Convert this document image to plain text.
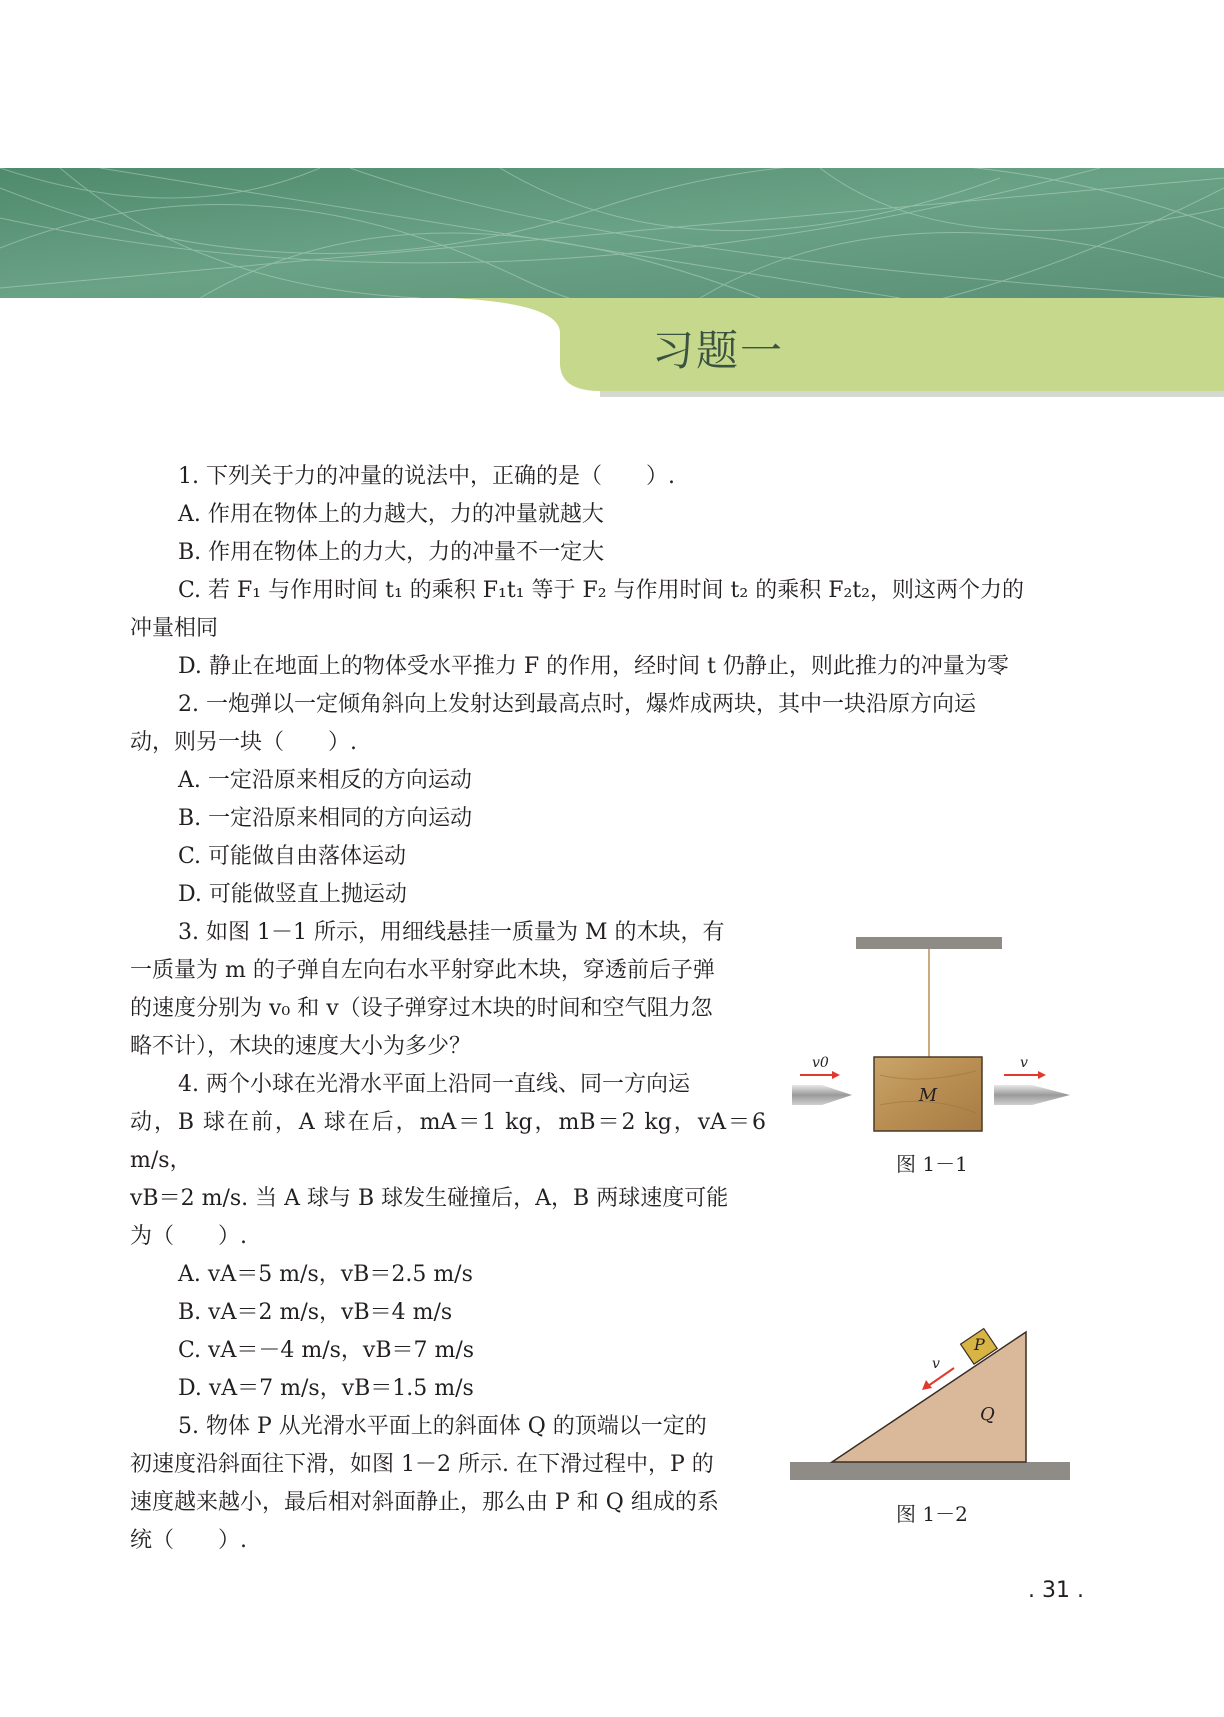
习题一

1. 下列关于力的冲量的说法中，正确的是（　　）.

A. 作用在物体上的力越大，力的冲量就越大

B. 作用在物体上的力大，力的冲量不一定大

C. 若 F₁ 与作用时间 t₁ 的乘积 F₁t₁ 等于 F₂ 与作用时间 t₂ 的乘积 F₂t₂，则这两个力的

冲量相同

D. 静止在地面上的物体受水平推力 F 的作用，经时间 t 仍静止，则此推力的冲量为零

2. 一炮弹以一定倾角斜向上发射达到最高点时，爆炸成两块，其中一块沿原方向运

动，则另一块（　　）.

A. 一定沿原来相反的方向运动

B. 一定沿原来相同的方向运动

C. 可能做自由落体运动

D. 可能做竖直上抛运动

3. 如图 1－1 所示，用细线悬挂一质量为 M 的木块，有

一质量为 m 的子弹自左向右水平射穿此木块，穿透前后子弹

的速度分别为 v₀ 和 v（设子弹穿过木块的时间和空气阻力忽

略不计），木块的速度大小为多少？

4. 两个小球在光滑水平面上沿同一直线、同一方向运

动，B 球在前，A 球在后，mA＝1 kg，mB＝2 kg，vA＝6 m/s，

vB＝2 m/s. 当 A 球与 B 球发生碰撞后，A，B 两球速度可能

为（　　）.

A. vA＝5 m/s，vB＝2.5 m/s

B. vA＝2 m/s，vB＝4 m/s

C. vA＝－4 m/s，vB＝7 m/s

D. vA＝7 m/s，vB＝1.5 m/s

5. 物体 P 从光滑水平面上的斜面体 Q 的顶端以一定的

初速度沿斜面往下滑，如图 1－2 所示. 在下滑过程中，P 的

速度越来越小，最后相对斜面静止，那么由 P 和 Q 组成的系

统（　　）.

M
v0	v
图 1－1
Q
P
v
图 1－2
. 31 .
